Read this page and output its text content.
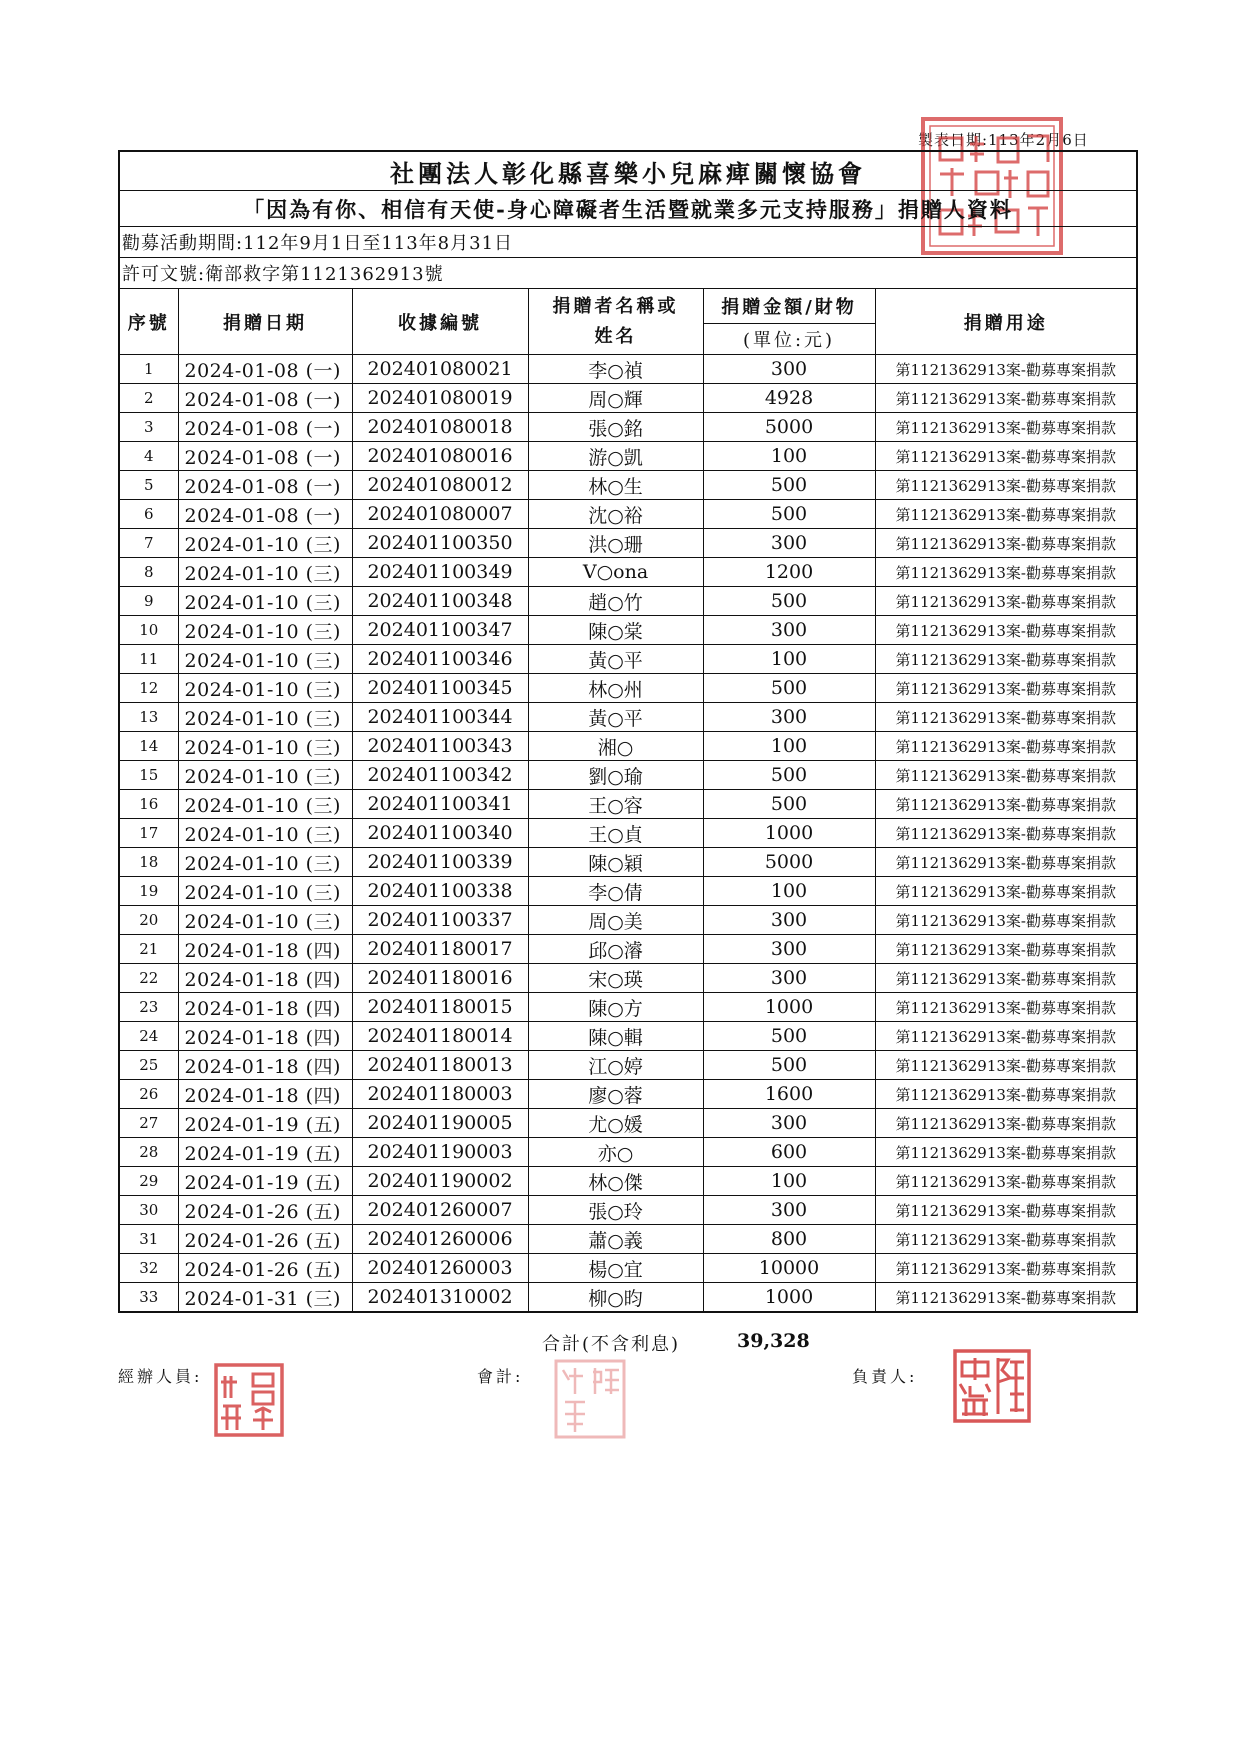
製表日期:113年2月6日
社團法人彰化縣喜樂小兒麻痺關懷協會
「因為有你、相信有天使-身心障礙者生活暨就業多元支持服務」捐贈人資料
勸募活動期間:112年9月1日至113年8月31日
許可文號:衛部救字第1121362913號
序號	捐贈日期	收據編號	捐贈者名稱或姓名	捐贈金額/財物	捐贈用途
				(單位:元)	
1	2024-01-08 (一)	202401080021	李○禎	300	第1121362913案-勸募專案捐款
2	2024-01-08 (一)	202401080019	周○輝	4928	第1121362913案-勸募專案捐款
3	2024-01-08 (一)	202401080018	張○銘	5000	第1121362913案-勸募專案捐款
4	2024-01-08 (一)	202401080016	游○凱	100	第1121362913案-勸募專案捐款
5	2024-01-08 (一)	202401080012	林○生	500	第1121362913案-勸募專案捐款
6	2024-01-08 (一)	202401080007	沈○裕	500	第1121362913案-勸募專案捐款
7	2024-01-10 (三)	202401100350	洪○珊	300	第1121362913案-勸募專案捐款
8	2024-01-10 (三)	202401100349	V○ona	1200	第1121362913案-勸募專案捐款
9	2024-01-10 (三)	202401100348	趙○竹	500	第1121362913案-勸募專案捐款
10	2024-01-10 (三)	202401100347	陳○棠	300	第1121362913案-勸募專案捐款
11	2024-01-10 (三)	202401100346	黃○平	100	第1121362913案-勸募專案捐款
12	2024-01-10 (三)	202401100345	林○州	500	第1121362913案-勸募專案捐款
13	2024-01-10 (三)	202401100344	黃○平	300	第1121362913案-勸募專案捐款
14	2024-01-10 (三)	202401100343	湘○	100	第1121362913案-勸募專案捐款
15	2024-01-10 (三)	202401100342	劉○瑜	500	第1121362913案-勸募專案捐款
16	2024-01-10 (三)	202401100341	王○容	500	第1121362913案-勸募專案捐款
17	2024-01-10 (三)	202401100340	王○貞	1000	第1121362913案-勸募專案捐款
18	2024-01-10 (三)	202401100339	陳○穎	5000	第1121362913案-勸募專案捐款
19	2024-01-10 (三)	202401100338	李○倩	100	第1121362913案-勸募專案捐款
20	2024-01-10 (三)	202401100337	周○美	300	第1121362913案-勸募專案捐款
21	2024-01-18 (四)	202401180017	邱○濬	300	第1121362913案-勸募專案捐款
22	2024-01-18 (四)	202401180016	宋○瑛	300	第1121362913案-勸募專案捐款
23	2024-01-18 (四)	202401180015	陳○方	1000	第1121362913案-勸募專案捐款
24	2024-01-18 (四)	202401180014	陳○輯	500	第1121362913案-勸募專案捐款
25	2024-01-18 (四)	202401180013	江○婷	500	第1121362913案-勸募專案捐款
26	2024-01-18 (四)	202401180003	廖○蓉	1600	第1121362913案-勸募專案捐款
27	2024-01-19 (五)	202401190005	尤○媛	300	第1121362913案-勸募專案捐款
28	2024-01-19 (五)	202401190003	亦○	600	第1121362913案-勸募專案捐款
29	2024-01-19 (五)	202401190002	林○傑	100	第1121362913案-勸募專案捐款
30	2024-01-26 (五)	202401260007	張○玲	300	第1121362913案-勸募專案捐款
31	2024-01-26 (五)	202401260006	蕭○義	800	第1121362913案-勸募專案捐款
32	2024-01-26 (五)	202401260003	楊○宜	10000	第1121362913案-勸募專案捐款
33	2024-01-31 (三)	202401310002	柳○昀	1000	第1121362913案-勸募專案捐款
合計(不含利息)	39,328
經辦人員:	會計:	負責人:
